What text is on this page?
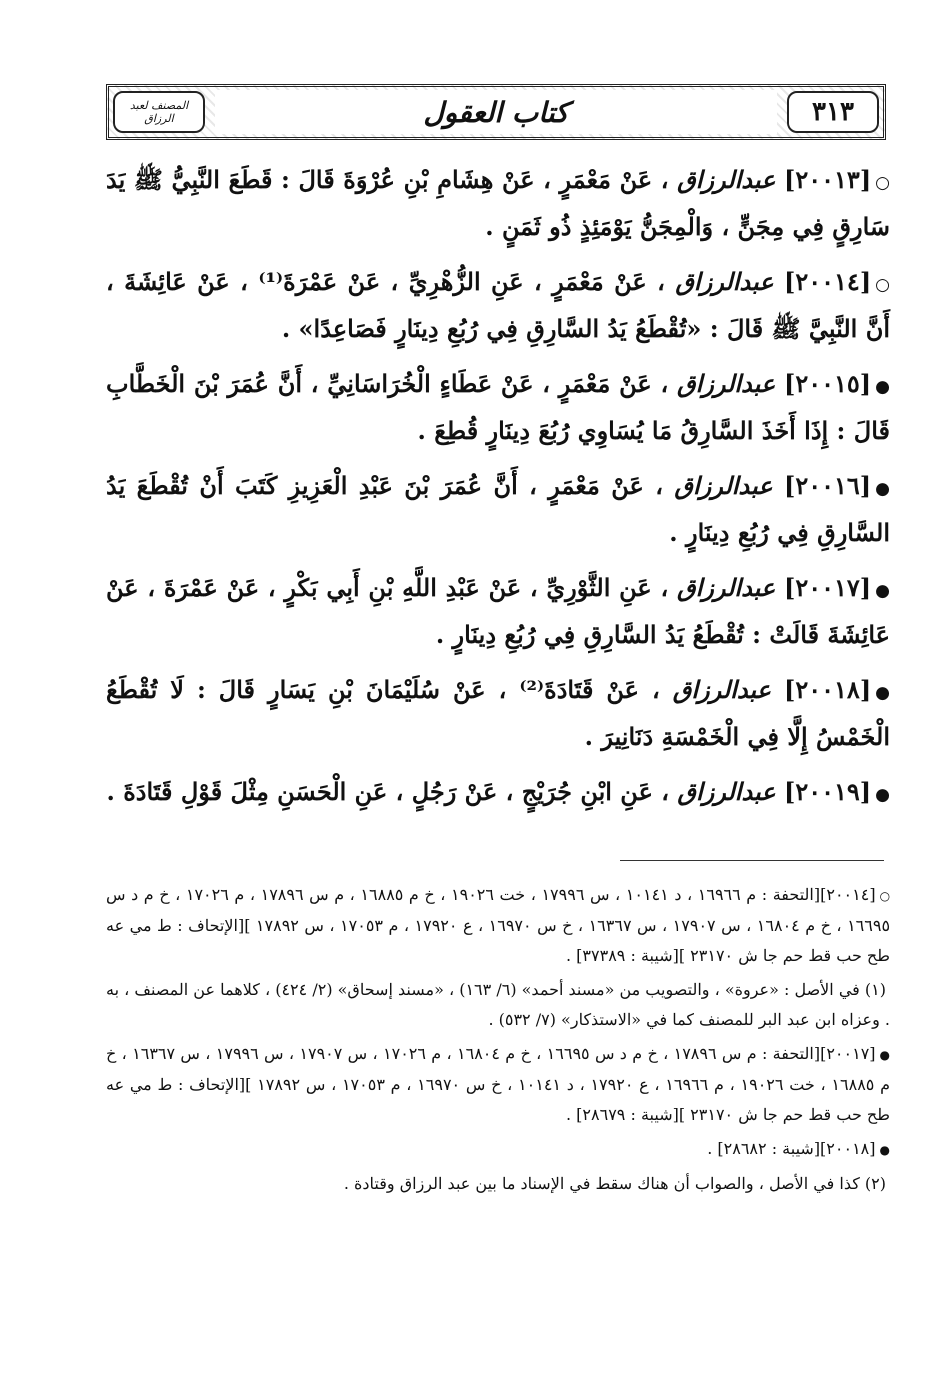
٣١٣
كتاب العقول
المصنف لعبد الرزاق

○[٢٠٠١٣] عبدالرزاق ، عَنْ مَعْمَرٍ ، عَنْ هِشَامِ بْنِ عُرْوَةَ قَالَ : قَطَعَ النَّبِيُّ ﷺ يَدَ سَارِقٍ فِي مِجَنٍّ ، وَالْمِجَنُّ يَوْمَئِذٍ ذُو ثَمَنٍ .

○[٢٠٠١٤] عبدالرزاق ، عَنْ مَعْمَرٍ ، عَنِ الزُّهْرِيِّ ، عَنْ عَمْرَةَ⁽¹⁾ ، عَنْ عَائِشَةَ ، أَنَّ النَّبِيَّ ﷺ قَالَ : «تُقْطَعُ يَدُ السَّارِقِ فِي رُبُعِ دِينَارٍ فَصَاعِدًا» .

●[٢٠٠١٥] عبدالرزاق ، عَنْ مَعْمَرٍ ، عَنْ عَطَاءٍ الْخُرَاسَانِيِّ ، أَنَّ عُمَرَ بْنَ الْخَطَّابِ قَالَ : إِذَا أَخَذَ السَّارِقُ مَا يُسَاوِي رُبُعَ دِينَارٍ قُطِعَ .

●[٢٠٠١٦] عبدالرزاق ، عَنْ مَعْمَرٍ ، أَنَّ عُمَرَ بْنَ عَبْدِ الْعَزِيزِ كَتَبَ أَنْ تُقْطَعَ يَدُ السَّارِقِ فِي رُبُعِ دِينَارٍ .

●[٢٠٠١٧] عبدالرزاق ، عَنِ الثَّوْرِيِّ ، عَنْ عَبْدِ اللَّهِ بْنِ أَبِي بَكْرٍ ، عَنْ عَمْرَةَ ، عَنْ عَائِشَةَ قَالَتْ : تُقْطَعُ يَدُ السَّارِقِ فِي رُبُعِ دِينَارٍ .

●[٢٠٠١٨] عبدالرزاق ، عَنْ قَتَادَةَ⁽²⁾ ، عَنْ سُلَيْمَانَ بْنِ يَسَارٍ قَالَ : لَا تُقْطَعُ الْخَمْسُ إِلَّا فِي الْخَمْسَةِ دَنَانِيرَ .

●[٢٠٠١٩] عبدالرزاق ، عَنِ ابْنِ جُرَيْجٍ ، عَنْ رَجُلٍ ، عَنِ الْحَسَنِ مِثْلَ قَوْلِ قَتَادَةَ .

○[٢٠٠١٤][التحفة : م ١٦٩٦٦ ، د ١٠١٤١ ، س ١٧٩٩٦ ، خت ١٩٠٢٦ ، خ م ١٦٨٨٥ ، م س ١٧٨٩٦ ، م ١٧٠٢٦ ، خ م د س ١٦٦٩٥ ، خ م ١٦٨٠٤ ، س ١٧٩٠٧ ، س ١٦٣٦٧ ، خ س ١٦٩٧٠ ، ع ١٧٩٢٠ ، م ١٧٠٥٣ ، س ١٧٨٩٢ ][الإتحاف : ط مي عه طح حب قط حم جا ش ٢٣١٧٠ ][شيبة : ٣٧٣٨٩] .

(١) في الأصل : «عروة» ، والتصويب من «مسند أحمد» (٦/ ١٦٣) ، «مسند إسحاق» (٢/ ٤٢٤) ، كلاهما عن المصنف ، به . وعزاه ابن عبد البر للمصنف كما في «الاستذكار» (٧/ ٥٣٢) .

●[٢٠٠١٧][التحفة : م س ١٧٨٩٦ ، خ م د س ١٦٦٩٥ ، خ م ١٦٨٠٤ ، م ١٧٠٢٦ ، س ١٧٩٠٧ ، س ١٧٩٩٦ ، س ١٦٣٦٧ ، خ م ١٦٨٨٥ ، خت ١٩٠٢٦ ، م ١٦٩٦٦ ، ع ١٧٩٢٠ ، د ١٠١٤١ ، خ س ١٦٩٧٠ ، م ١٧٠٥٣ ، س ١٧٨٩٢ ][الإتحاف : ط مي عه طح حب قط حم جا ش ٢٣١٧٠ ][شيبة : ٢٨٦٧٩] .

●[٢٠٠١٨][شيبة : ٢٨٦٨٢] .

(٢) كذا في الأصل ، والصواب أن هناك سقط في الإسناد ما بين عبد الرزاق وقتادة .
